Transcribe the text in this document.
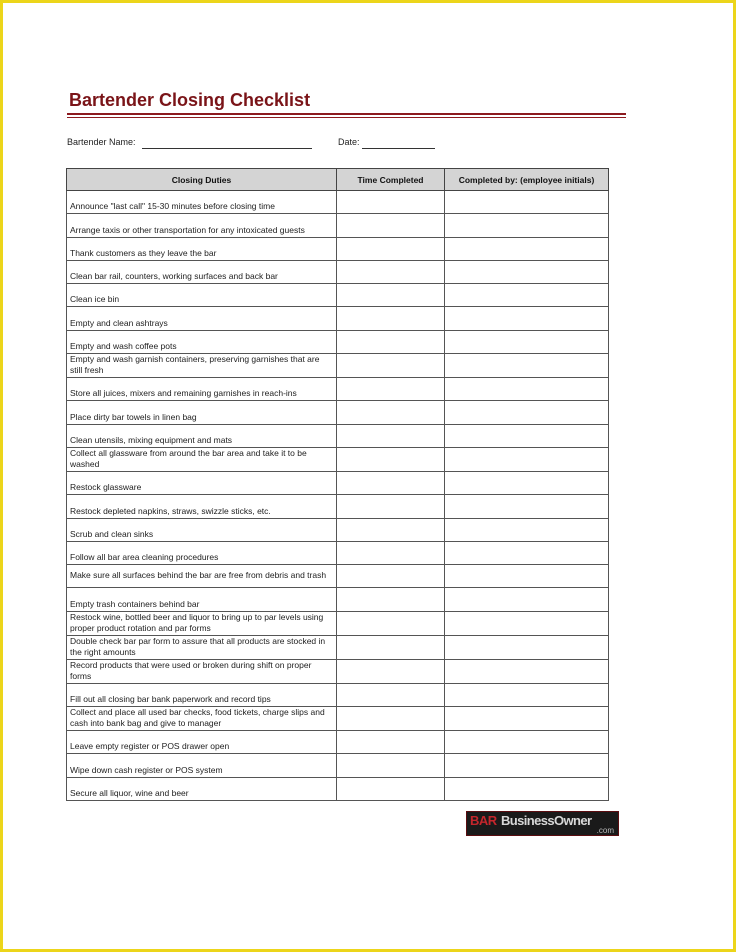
Bartender Closing Checklist
Bartender Name:	Date:
Closing Duties	Time Completed	Completed by: (employee initials)
Announce "last call" 15-30 minutes before closing time		
Arrange taxis or other transportation for any intoxicated guests		
Thank customers as they leave the bar		
Clean bar rail, counters, working surfaces and back bar		
Clean ice bin		
Empty and clean ashtrays		
Empty and wash coffee pots		
Empty and wash garnish containers, preserving garnishes that are still fresh		
Store all juices, mixers and remaining garnishes in reach-ins		
Place dirty bar towels in linen bag		
Clean utensils, mixing equipment and mats		
Collect all glassware from around the bar area and take it to be washed		
Restock glassware		
Restock depleted napkins, straws, swizzle sticks, etc.		
Scrub and clean sinks		
Follow all bar area cleaning procedures		
Make sure all surfaces behind the bar are free from debris and trash		
Empty trash containers behind bar		
Restock wine, bottled beer and liquor to bring up to par levels using proper product rotation and par forms		
Double check bar par form to assure that all products are stocked in the right amounts		
Record products that were used or broken during shift on proper forms		
Fill out all closing bar bank paperwork and record tips		
Collect and place all used bar checks, food tickets, charge slips and cash into bank bag and give to manager		
Leave empty register or POS drawer open		
Wipe down cash register or POS system		
Secure all liquor, wine and beer		
BAR BusinessOwner
.com
